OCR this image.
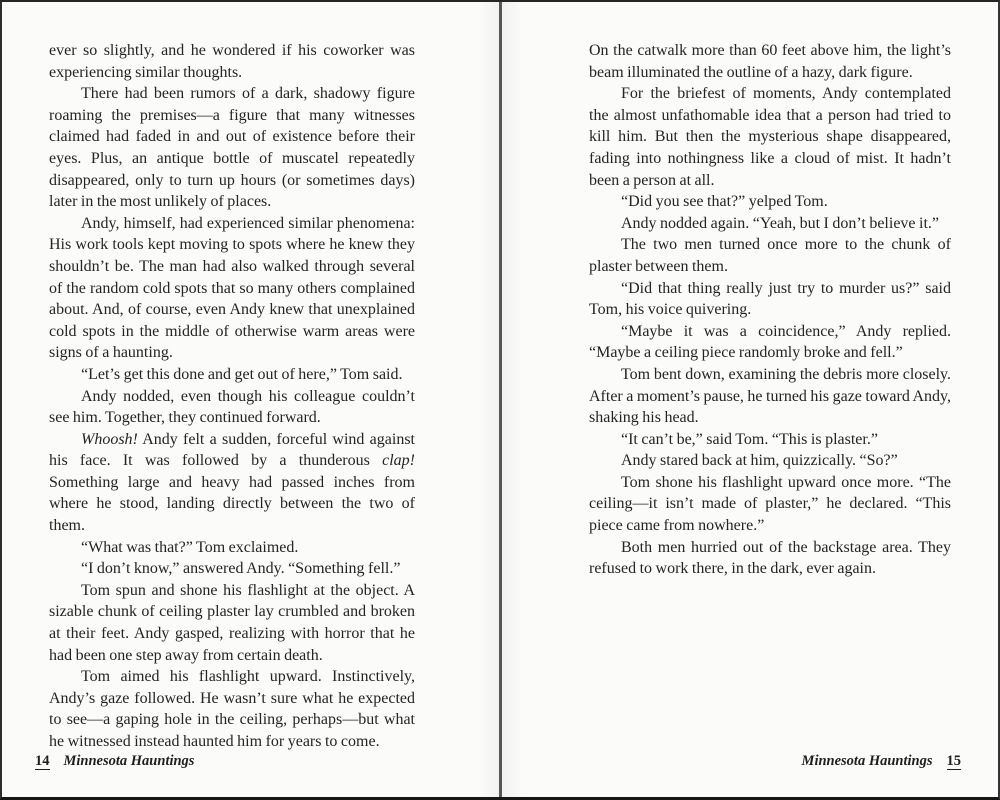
ever so slightly, and he wondered if his coworker was experiencing similar thoughts.

There had been rumors of a dark, shadowy figure roaming the premises—a figure that many witnesses claimed had faded in and out of existence before their eyes. Plus, an antique bottle of muscatel repeatedly disappeared, only to turn up hours (or sometimes days) later in the most unlikely of places.

Andy, himself, had experienced similar phenomena: His work tools kept moving to spots where he knew they shouldn’t be. The man had also walked through several of the random cold spots that so many others complained about. And, of course, even Andy knew that unexplained cold spots in the middle of otherwise warm areas were signs of a haunting.

“Let’s get this done and get out of here,” Tom said.

Andy nodded, even though his colleague couldn’t see him. Together, they continued forward.

Whoosh! Andy felt a sudden, forceful wind against his face. It was followed by a thunderous clap! Something large and heavy had passed inches from where he stood, landing directly between the two of them.

“What was that?” Tom exclaimed.

“I don’t know,” answered Andy. “Something fell.”

Tom spun and shone his flashlight at the object. A sizable chunk of ceiling plaster lay crumbled and broken at their feet. Andy gasped, realizing with horror that he had been one step away from certain death.

Tom aimed his flashlight upward. Instinctively, Andy’s gaze followed. He wasn’t sure what he expected to see—a gaping hole in the ceiling, perhaps—but what he witnessed instead haunted him for years to come.

14 Minnesota Hauntings

On the catwalk more than 60 feet above him, the light’s beam illuminated the outline of a hazy, dark figure.

For the briefest of moments, Andy contemplated the almost unfathomable idea that a person had tried to kill him. But then the mysterious shape disappeared, fading into nothingness like a cloud of mist. It hadn’t been a person at all.

“Did you see that?” yelped Tom.

Andy nodded again. “Yeah, but I don’t believe it.”

The two men turned once more to the chunk of plaster between them.

“Did that thing really just try to murder us?” said Tom, his voice quivering.

“Maybe it was a coincidence,” Andy replied. “Maybe a ceiling piece randomly broke and fell.”

Tom bent down, examining the debris more closely. After a moment’s pause, he turned his gaze toward Andy, shaking his head.

“It can’t be,” said Tom. “This is plaster.”

Andy stared back at him, quizzically. “So?”

Tom shone his flashlight upward once more. “The ceiling—it isn’t made of plaster,” he declared. “This piece came from nowhere.”

Both men hurried out of the backstage area. They refused to work there, in the dark, ever again.

Minnesota Hauntings 15
